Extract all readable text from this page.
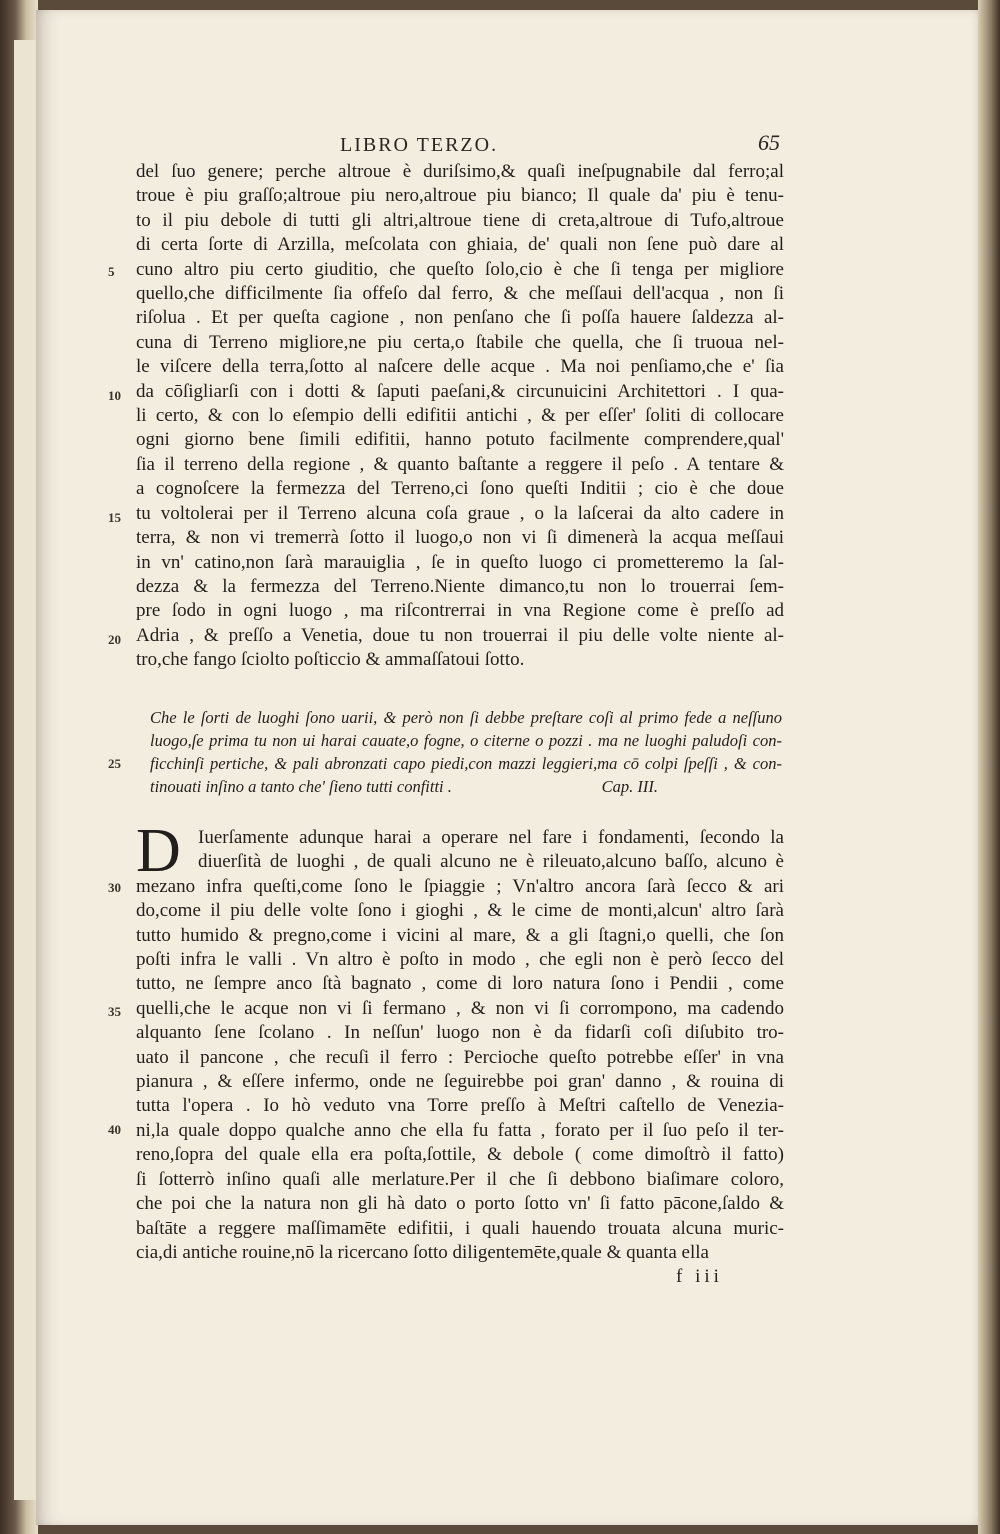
LIBRO TERZO.	65
del ſuo genere; perche altroue è duriſsimo,& quaſi ineſpugnabile dal ferro;al
troue è piu graſſo;altroue piu nero,altroue piu bianco; Il quale da' piu è tenu-
to il piu debole di tutti gli altri,altroue tiene di creta,altroue di Tufo,altroue
di certa ſorte di Arzilla, meſcolata con ghiaia, de' quali non ſene può dare al
cuno altro piu certo giuditio, che queſto ſolo,cio è che ſi tenga per migliore
quello,che difficilmente ſia offeſo dal ferro, & che meſſaui dell'acqua , non ſi
riſolua . Et per queſta cagione , non penſano che ſi poſſa hauere ſaldezza al-
cuna di Terreno migliore,ne piu certa,o ſtabile che quella, che ſi truoua nel-
le viſcere della terra,ſotto al naſcere delle acque . Ma noi penſiamo,che e' ſia
da cōſigliarſi con i dotti & ſaputi paeſani,& circunuicini Architettori . I qua-
li certo, & con lo eſempio delli edifitii antichi , & per eſſer' ſoliti di collocare
ogni giorno bene ſimili edifitii, hanno potuto facilmente comprendere,qual'
ſia il terreno della regione , & quanto baſtante a reggere il peſo . A tentare &
a cognoſcere la fermezza del Terreno,ci ſono queſti Inditii ; cio è che doue
tu voltolerai per il Terreno alcuna coſa graue , o la laſcerai da alto cadere in
terra, & non vi tremerrà ſotto il luogo,o non vi ſi dimenerà la acqua meſſaui
in vn' catino,non ſarà marauiglia , ſe in queſto luogo ci prometteremo la ſal-
dezza & la fermezza del Terreno.Niente dimanco,tu non lo trouerrai ſem-
pre ſodo in ogni luogo , ma riſcontrerrai in vna Regione come è preſſo ad
Adria , & preſſo a Venetia, doue tu non trouerrai il piu delle volte niente al-
tro,che fango ſciolto poſticcio & ammaſſatoui ſotto.
Cap. III.
Che le ſorti de luoghi ſono uarii, & però non ſi debbe preſtare coſi al primo fede a neſſuno
luogo,ſe prima tu non ui harai cauate,o fogne, o citerne o pozzi . ma ne luoghi paludoſi con-
ficchinſi pertiche, & pali abronzati capo piedi,con mazzi leggieri,ma cō colpi ſpeſſi , & con-
tinouati inſino a tanto che' ſieno tutti confitti .
D Iuerſamente adunque harai a operare nel fare i fondamenti, ſecondo la
diuerſità de luoghi , de quali alcuno ne è rileuato,alcuno baſſo, alcuno è
mezano infra queſti,come ſono le ſpiaggie ; Vn'altro ancora ſarà ſecco & ari
do,come il piu delle volte ſono i gioghi , & le cime de monti,alcun' altro ſarà
tutto humido & pregno,come i vicini al mare, & a gli ſtagni,o quelli, che ſon
poſti infra le valli . Vn altro è poſto in modo , che egli non è però ſecco del
tutto, ne ſempre anco ſtà bagnato , come di loro natura ſono i Pendii , come
quelli,che le acque non vi ſi fermano , & non vi ſi corrompono, ma cadendo
alquanto ſene ſcolano . In neſſun' luogo non è da fidarſi coſi diſubito tro-
uato il pancone , che recuſi il ferro : Percioche queſto potrebbe eſſer' in vna
pianura , & eſſere infermo, onde ne ſeguirebbe poi gran' danno , & rouina di
tutta l'opera . Io hò veduto vna Torre preſſo à Meſtri caſtello de Venezia-
ni,la quale doppo qualche anno che ella fu fatta , forato per il ſuo peſo il ter-
reno,ſopra del quale ella era poſta,ſottile, & debole ( come dimoſtrò il fatto)
ſi ſotterrò inſino quaſi alle merlature.Per il che ſi debbono biaſimare coloro,
che poi che la natura non gli hà dato o porto ſotto vn' ſi fatto pācone,ſaldo &
baſtāte a reggere maſſimamēte edifitii, i quali hauendo trouata alcuna muric-
cia,di antiche rouine,nō la ricercano ſotto diligentemēte,quale & quanta ella
5
10
15
20
25
30
35
40
f iii
